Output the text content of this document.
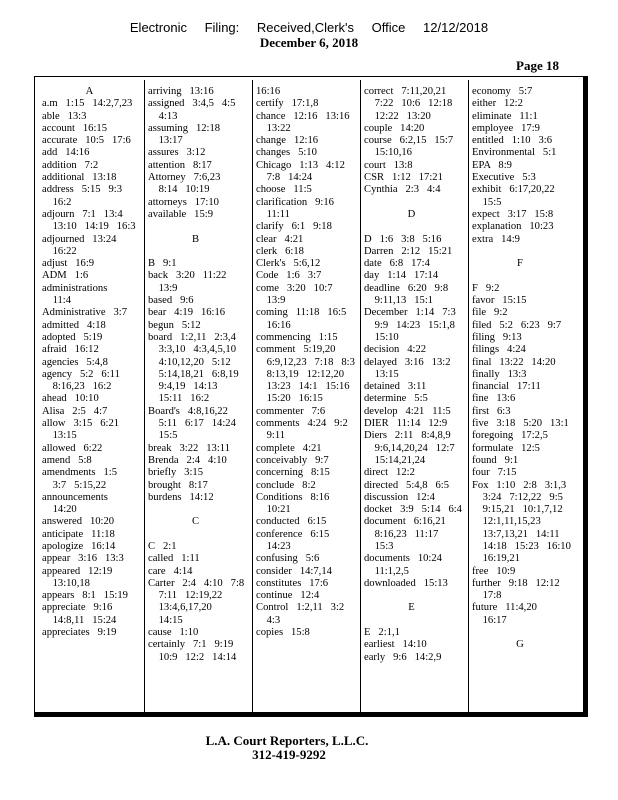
Electronic Filing: Received,Clerk's Office 12/12/2018
December 6, 2018
Page 18
A
a.m   1:15   14:2,7,23
able   13:3
account   16:15
accurate   10:5   17:6
add   14:16
addition   7:2
additional   13:18
address   5:15   9:3
16:2
adjourn   7:1   13:4
13:10   14:19   16:3
adjourned   13:24
16:22
adjust   16:9
ADM   1:6
administrations
11:4
Administrative   3:7
admitted   4:18
adopted   5:19
afraid   16:12
agencies   5:4,8
agency   5:2   6:11
8:16,23   16:2
ahead   10:10
Alisa   2:5   4:7
allow   3:15   6:21
13:15
allowed   6:22
amend   5:8
amendments   1:5
3:7   5:15,22
announcements
14:20
answered   10:20
anticipate   11:18
apologize   16:14
appear   3:16   13:3
appeared   12:19
13:10,18
appears   8:1   15:19
appreciate   9:16
14:8,11   15:24
appreciates   9:19
arriving   13:16
assigned   3:4,5   4:5
4:13
assuming   12:18
13:17
assures   3:12
attention   8:17
Attorney   7:6,23
8:14   10:19
attorneys   17:10
available   15:9
B
B   9:1
back   3:20   11:22
13:9
based   9:6
bear   4:19   16:16
begun   5:12
board   1:2,11   2:3,4
3:3,10   4:3,4,5,10
4:10,12,20   5:12
5:14,18,21   6:8,19
9:4,19   14:13
15:11   16:2
Board's   4:8,16,22
5:11   6:17   14:24
15:5
break   3:22   13:11
Brenda   2:4   4:10
briefly   3:15
brought   8:17
burdens   14:12
C
C   2:1
called   1:11
care   4:14
Carter   2:4   4:10   7:8
7:11   12:19,22
13:4,6,17,20
14:15
cause   1:10
certainly   7:1   9:19
10:9   12:2   14:14
16:16
certify   17:1,8
chance   12:16   13:16
13:22
change   12:16
changes   5:10
Chicago   1:13   4:12
7:8   14:24
choose   11:5
clarification   9:16
11:11
clarify   6:1   9:18
clear   4:21
clerk   6:18
Clerk's   5:6,12
Code   1:6   3:7
come   3:20   10:7
13:9
coming   11:18   16:5
16:16
commencing   1:15
comment   5:19,20
6:9,12,23   7:18   8:3
8:13,19   12:12,20
13:23   14:1   15:16
15:20   16:15
commenter   7:6
comments   4:24   9:2
9:11
complete   4:21
conceivably   9:7
concerning   8:15
conclude   8:2
Conditions   8:16
10:21
conducted   6:15
conference   6:15
14:23
confusing   5:6
consider   14:7,14
constitutes   17:6
continue   12:4
Control   1:2,11   3:2
4:3
copies   15:8
correct   7:11,20,21
7:22   10:6   12:18
12:22   13:20
couple   14:20
course   6:2,15   15:7
15:10,16
court   13:8
CSR   1:12   17:21
Cynthia   2:3   4:4
D
D   1:6   3:8   5:16
Darren   2:12   15:21
date   6:8   17:4
day   1:14   17:14
deadline   6:20   9:8
9:11,13   15:1
December   1:14   7:3
9:9   14:23   15:1,8
15:10
decision   4:22
delayed   3:16   13:2
13:15
detained   3:11
determine   5:5
develop   4:21   11:5
DIER   11:14   12:9
Diers   2:11   8:4,8,9
9:6,14,20,24   12:7
15:14,21,24
direct   12:2
directed   5:4,8   6:5
discussion   12:4
docket   3:9   5:14   6:4
document   6:16,21
8:16,23   11:17
15:3
documents   10:24
11:1,2,5
downloaded   15:13
E
E   2:1,1
earliest   14:10
early   9:6   14:2,9
economy   5:7
either   12:2
eliminate   11:1
employee   17:9
entitled   1:10   3:6
Environmental   5:1
EPA   8:9
Executive   5:3
exhibit   6:17,20,22
15:5
expect   3:17   15:8
explanation   10:23
extra   14:9
F
F   9:2
favor   15:15
file   9:2
filed   5:2   6:23   9:7
filing   9:13
filings   4:24
final   13:22   14:20
finally   13:3
financial   17:11
fine   13:6
first   6:3
five   3:18   5:20   13:1
foregoing   17:2,5
formulate   12:5
found   9:1
four   7:15
Fox   1:10   2:8   3:1,3
3:24   7:12,22   9:5
9:15,21   10:1,7,12
12:1,11,15,23
13:7,13,21   14:11
14:18   15:23   16:10
16:19,21
free   10:9
further   9:18   12:12
17:8
future   11:4,20
16:17
G
L.A. Court Reporters, L.L.C.
312-419-9292
